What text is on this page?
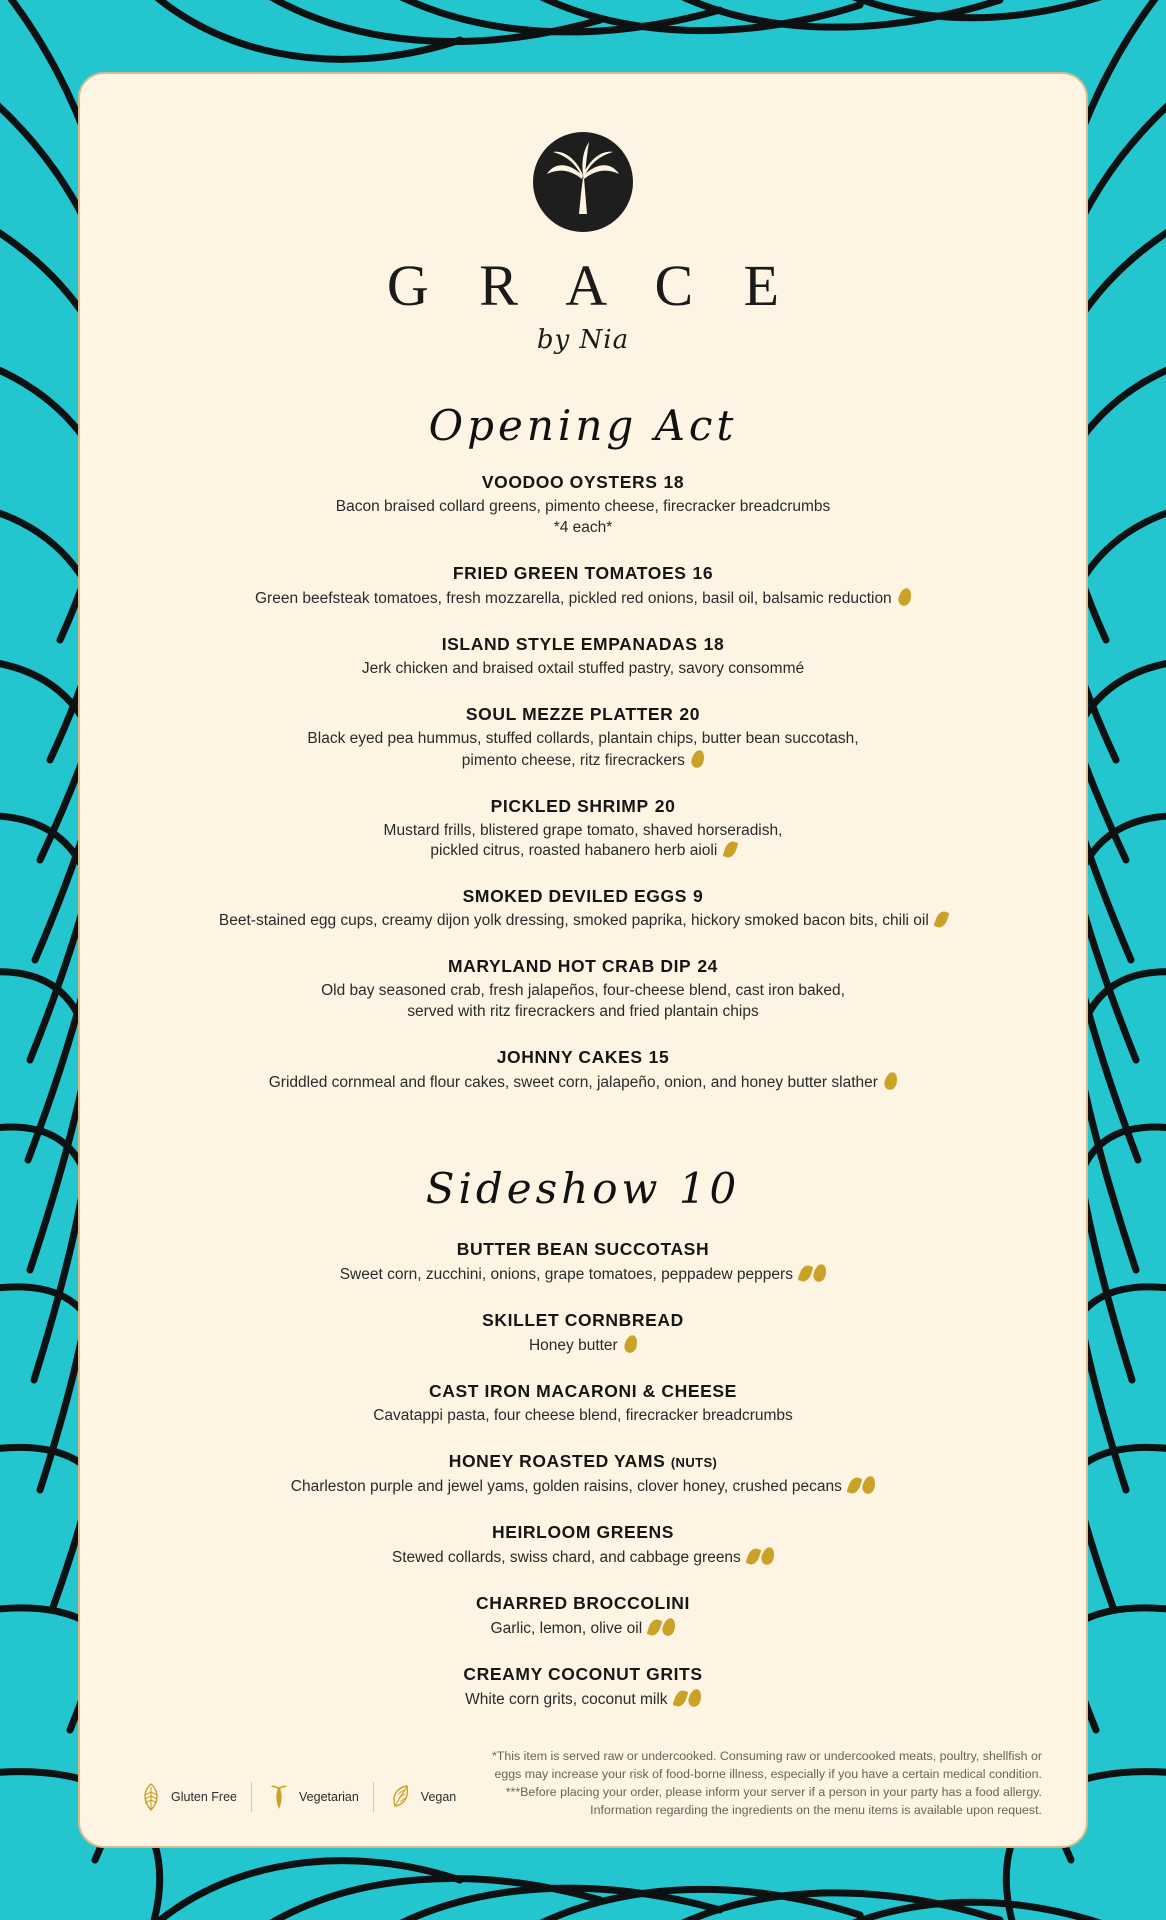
©
G R A C E
by Nia
Opening Act
VOODOO OYSTERS 18
Bacon braised collard greens, pimento cheese, firecracker breadcrumbs
*4 each*
FRIED GREEN TOMATOES 16
Green beefsteak tomatoes, fresh mozzarella, pickled red onions, basil oil, balsamic reduction
ISLAND STYLE EMPANADAS 18
Jerk chicken and braised oxtail stuffed pastry, savory consommé
SOUL MEZZE PLATTER 20
Black eyed pea hummus, stuffed collards, plantain chips, butter bean succotash,
pimento cheese, ritz firecrackers
PICKLED SHRIMP 20
Mustard frills, blistered grape tomato, shaved horseradish,
pickled citrus, roasted habanero herb aioli
SMOKED DEVILED EGGS 9
Beet-stained egg cups, creamy dijon yolk dressing, smoked paprika, hickory smoked bacon bits, chili oil
MARYLAND HOT CRAB DIP 24
Old bay seasoned crab, fresh jalapeños, four-cheese blend, cast iron baked,
served with ritz firecrackers and fried plantain chips
JOHNNY CAKES 15
Griddled cornmeal and flour cakes, sweet corn, jalapeño, onion, and honey butter slather
Sideshow 10
BUTTER BEAN SUCCOTASH
Sweet corn, zucchini, onions, grape tomatoes, peppadew peppers
SKILLET CORNBREAD
Honey butter
CAST IRON MACARONI & CHEESE
Cavatappi pasta, four cheese blend, firecracker breadcrumbs
HONEY ROASTED YAMS (NUTS)
Charleston purple and jewel yams, golden raisins, clover honey, crushed pecans
HEIRLOOM GREENS
Stewed collards, swiss chard, and cabbage greens
CHARRED BROCCOLINI
Garlic, lemon, olive oil
CREAMY COCONUT GRITS
White corn grits, coconut milk
Gluten Free	Vegetarian	Vegan
*This item is served raw or undercooked. Consuming raw or undercooked meats, poultry, shellfish or
eggs may increase your risk of food-borne illness, especially if you have a certain medical condition.
***Before placing your order, please inform your server if a person in your party has a food allergy.
Information regarding the ingredients on the menu items is available upon request.
